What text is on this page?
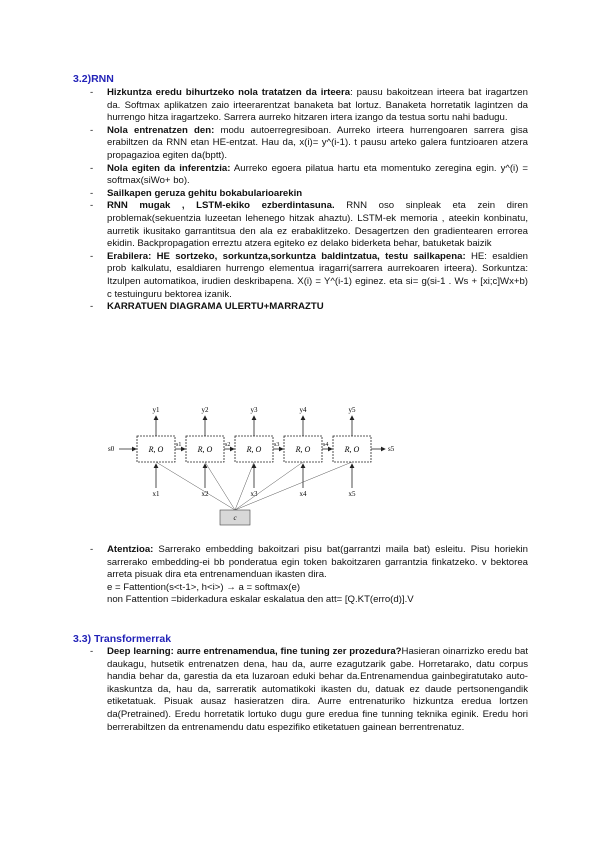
3.2)RNN
- Hizkuntza eredu bihurtzeko nola tratatzen da irteera: pausu bakoitzean irteera bat iragartzen da. Softmax aplikatzen zaio irteerarentzat banaketa bat lortuz. Banaketa horretatik lagintzen da hurrengo hitza iragartzeko. Sarrera aurreko hitzaren irtera izango da testua sortu nahi badugu.
- Nola entrenatzen den: modu autoerregresiboan. Aurreko irteera hurrengoaren sarrera gisa erabiltzen da RNN etan HE-entzat. Hau da, x(i)= y^(i-1). t pausu arteko galera funtzioaren atzera propagazioa egiten da(bptt).
- Nola egiten da inferentzia: Aurreko egoera pilatua hartu eta momentuko zeregina egin. y^(i) = softmax(siWo+ bo).
- Sailkapen geruza gehitu bokabularioarekin
- RNN mugak , LSTM-ekiko ezberdintasuna. RNN oso sinpleak eta zein diren problemak(sekuentzia luzeetan lehenego hitzak ahaztu). LSTM-ek memoria , ateekin konbinatu, aurretik ikusitako garrantitsua den ala ez erabaklitzeko. Desagertzen den gradientearen errorea ekidin. Backpropagation erreztu atzera egiteko ez delako biderketa behar, batuketak baizik
- Erabilera: HE sortzeko, sorkuntza,sorkuntza baldintzatua, testu sailkapena: HE: esaldien prob kalkulatu, esaldiaren hurrengo elementua iragarri(sarrera aurrekoaren irteera). Sorkuntza: Itzulpen automatikoa, irudien deskribapena. X(i) = Y^(i-1) eginez. eta si= g(si-1 . Ws + [xi;c]Wx+b) c testuinguru bektorea izanik.
- KARRATUEN DIAGRAMA ULERTU+MARRAZTU
R, O
y1
x1
s1 R, O
y2
x2
s2 R, O
y3
x3
s3 R, O
y4
x4
s4 R, O
y5
x5
s0	s5
c
- Atentzioa: Sarrerako embedding bakoitzari pisu bat(garrantzi maila bat) esleitu. Pisu horiekin sarrerako embedding-ei bb ponderatua egin token bakoitzaren garrantzia finkatzeko. v bektorea arreta pisuak dira eta entrenamenduan ikasten dira.
e = Fattention(s<t-1>, h<i>) → a = softmax(e)
non Fattention =biderkadura eskalar eskalatua den att= [Q.KT(erro(d)].V
3.3) Transformerrak
- Deep learning: aurre entrenamendua, fine tuning zer prozedura?Hasieran oinarrizko eredu bat daukagu, hutsetik entrenatzen dena, hau da, aurre ezagutzarik gabe. Horretarako, datu corpus handia behar da, garestia da eta luzaroan eduki behar da.Entrenamendua gainbegiratutako auto-ikaskuntza da, hau da, sarreratik automatikoki ikasten du, datuak ez daude pertsonengandik etiketatuak. Pisuak ausaz hasieratzen dira. Aurre entrenaturiko hizkuntza eredua lortzen da(Pretrained). Eredu horretatik lortuko dugu gure eredua fine tunning teknika eginik. Eredu hori berrerabiltzen da entrenamendu datu espezifiko etiketatuen gainean berrentrenatuz.
